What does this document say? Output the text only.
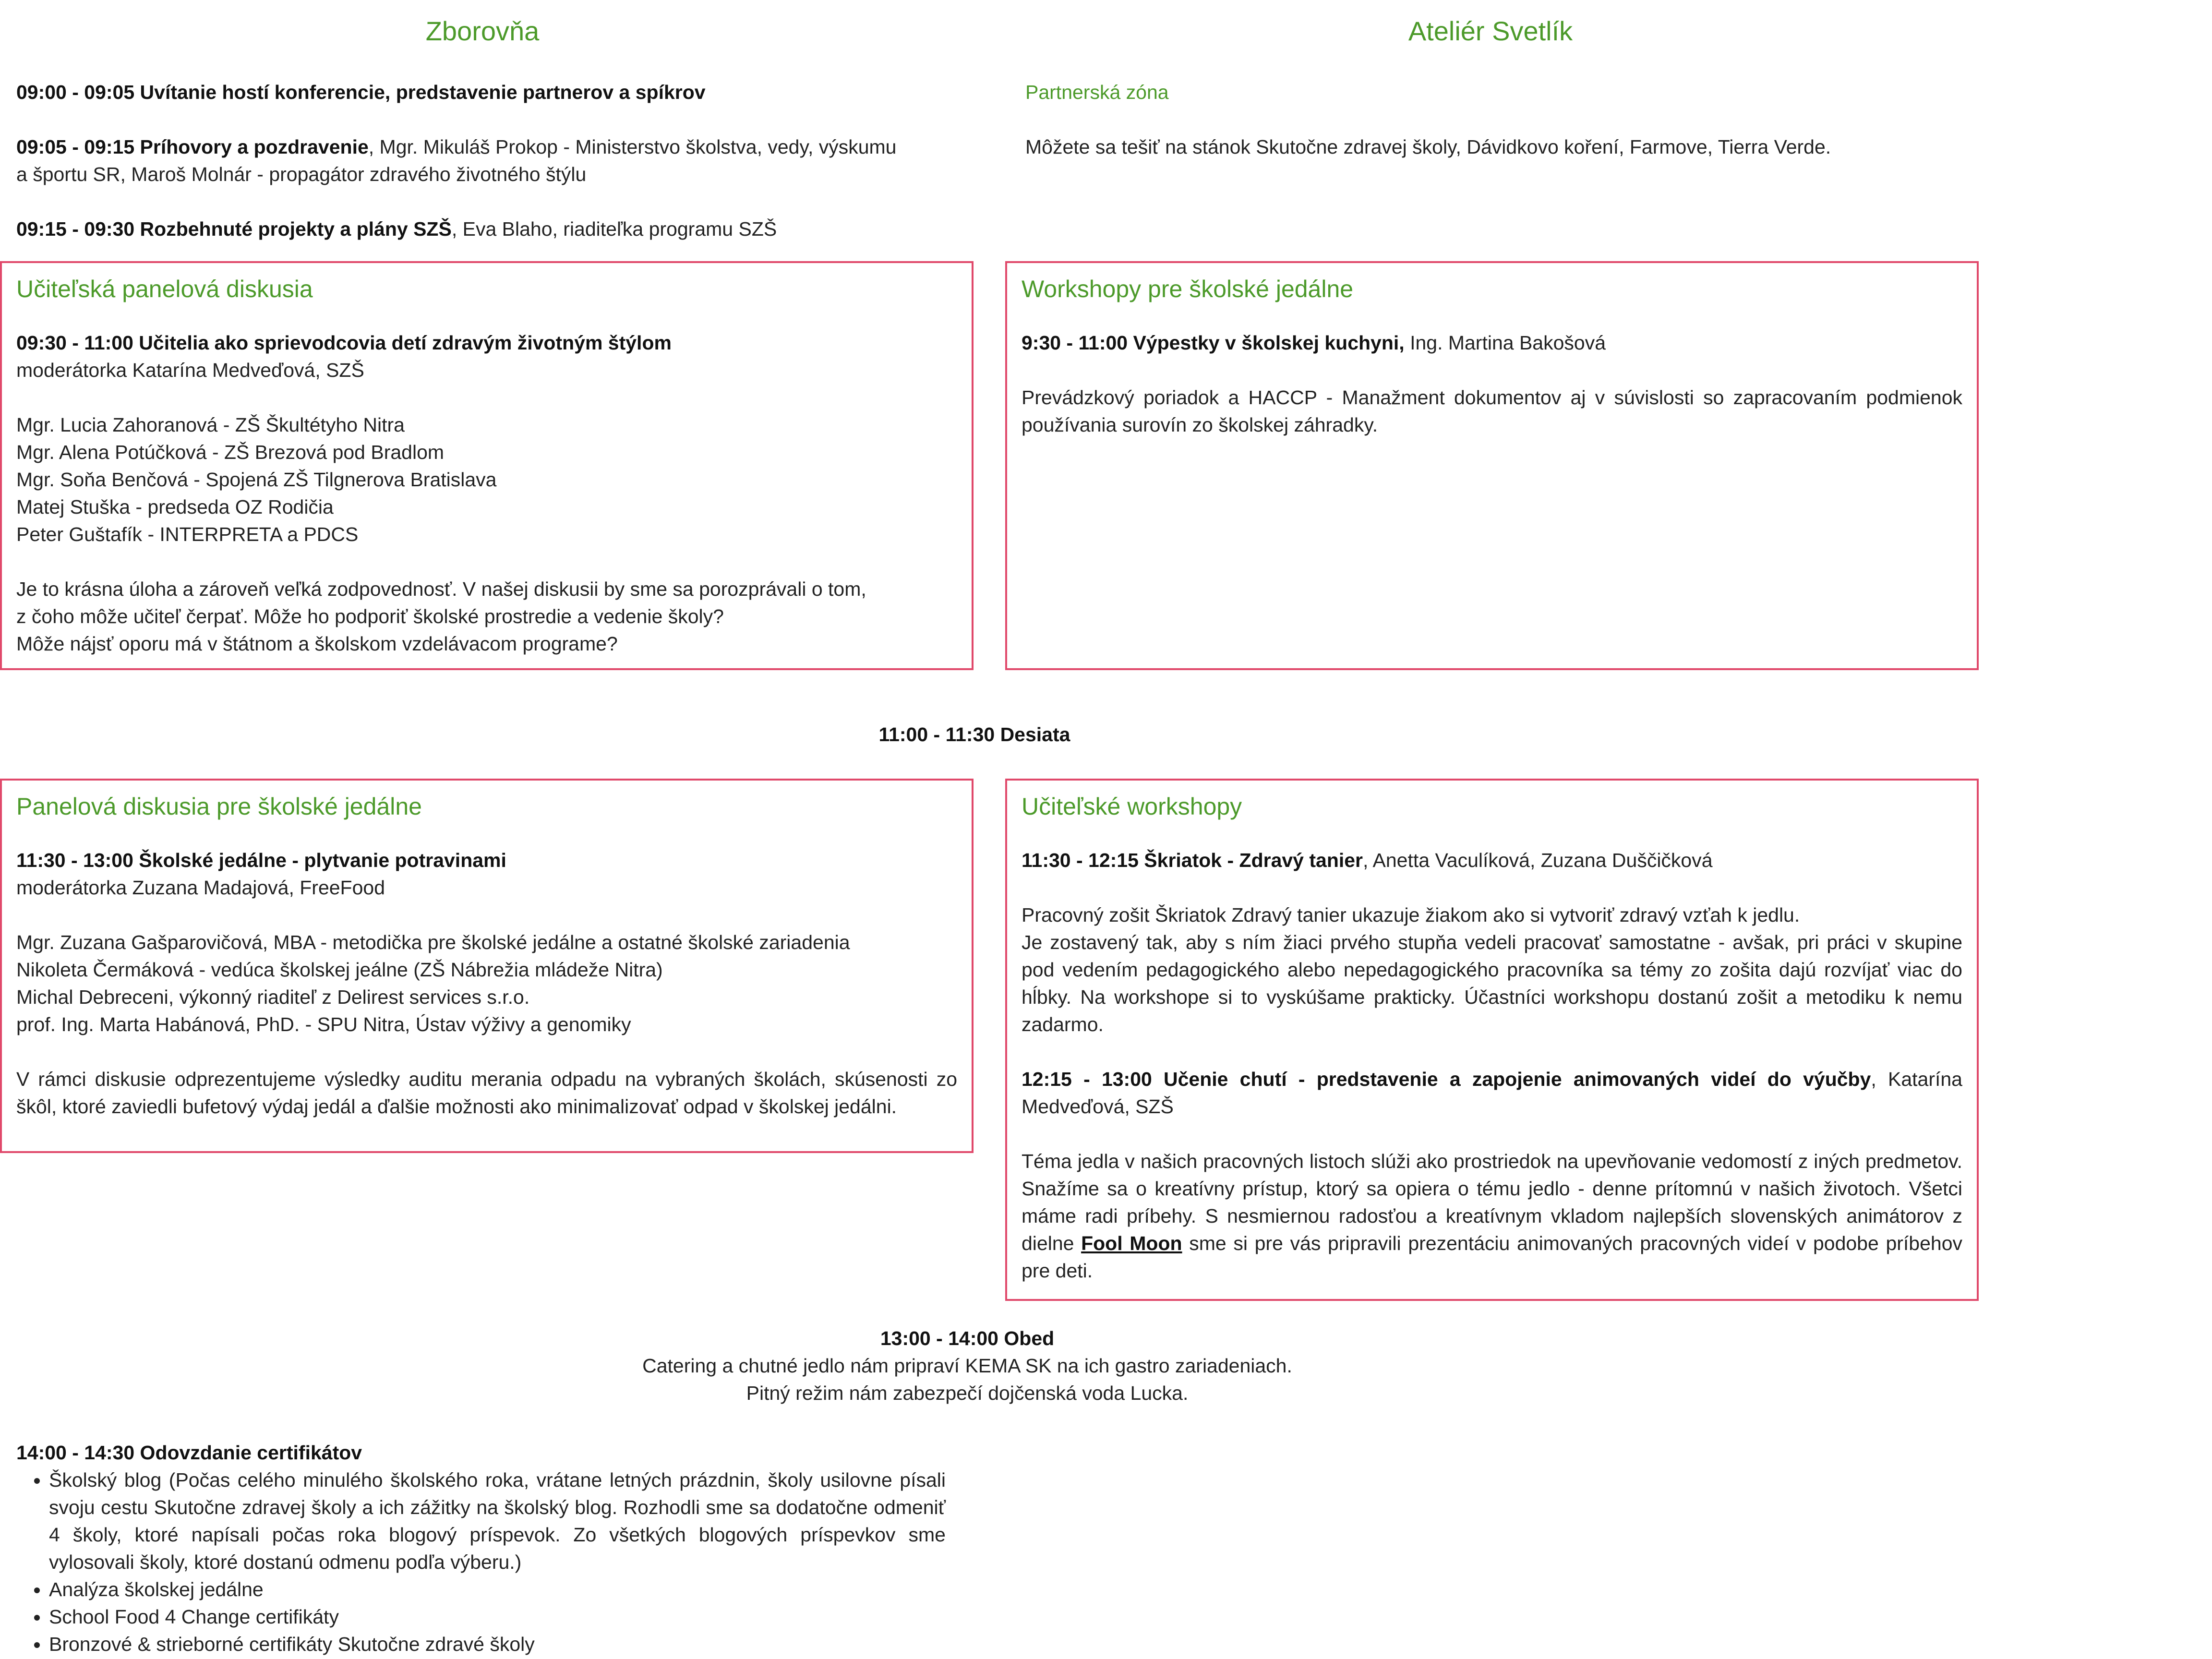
Zborovňa	Ateliér Svetlík

09:00 - 09:05 Uvítanie hostí konferencie, predstavenie partnerov a spíkrov

09:05 - 09:15 Príhovory a pozdravenie, Mgr. Mikuláš Prokop - Ministerstvo školstva, vedy, výskumu

a športu SR, Maroš Molnár - propagátor zdravého životného štýlu

09:15 - 09:30 Rozbehnuté projekty a plány SZŠ, Eva Blaho, riaditeľka programu SZŠ

Partnerská zóna

Môžete sa tešiť na stánok Skutočne zdravej školy, Dávidkovo koření, Farmove, Tierra Verde.

Učiteľská panelová diskusia

09:30 - 11:00 Učitelia ako sprievodcovia detí zdravým životným štýlom

moderátorka Katarína Medveďová, SZŠ

Mgr. Lucia Zahoranová - ZŠ Škultétyho Nitra

Mgr. Alena Potúčková - ZŠ Brezová pod Bradlom

Mgr. Soňa Benčová - Spojená ZŠ Tilgnerova Bratislava

Matej Stuška - predseda OZ Rodičia

Peter Guštafík - INTERPRETA a PDCS

Je to krásna úloha a zároveň veľká zodpovednosť. V našej diskusii by sme sa porozprávali o tom,

z čoho môže učiteľ čerpať. Môže ho podporiť školské prostredie a vedenie školy?

Môže nájsť oporu má v štátnom a školskom vzdelávacom programe?

Workshopy pre školské jedálne

9:30 - 11:00 Výpestky v školskej kuchyni, Ing. Martina Bakošová

Prevádzkový poriadok a HACCP - Manažment dokumentov aj v súvislosti so zapracovaním podmienok používania surovín zo školskej záhradky.

11:00 - 11:30 Desiata

Panelová diskusia pre školské jedálne

11:30 - 13:00 Školské jedálne - plytvanie potravinami

moderátorka Zuzana Madajová, FreeFood

Mgr. Zuzana Gašparovičová, MBA - metodička pre školské jedálne a ostatné školské zariadenia

Nikoleta Čermáková - vedúca školskej jeálne (ZŠ Nábrežia mládeže Nitra)

Michal Debreceni, výkonný riaditeľ z Delirest services s.r.o.

prof. Ing. Marta Habánová, PhD. - SPU Nitra, Ústav výživy a genomiky

V rámci diskusie odprezentujeme výsledky auditu merania odpadu na vybraných školách, skúsenosti zo škôl, ktoré zaviedli bufetový výdaj jedál a ďalšie možnosti ako minimalizovať odpad v školskej jedálni.

Učiteľské workshopy

11:30 - 12:15 Škriatok - Zdravý tanier, Anetta Vaculíková, Zuzana Duščičková

Pracovný zošit Škriatok Zdravý tanier ukazuje žiakom ako si vytvoriť zdravý vzťah k jedlu.

Je zostavený tak, aby s ním žiaci prvého stupňa vedeli pracovať samostatne - avšak, pri práci v skupine pod vedením pedagogického alebo nepedagogického pracovníka sa témy zo zošita dajú rozvíjať viac do hĺbky. Na workshope si to vyskúšame prakticky. Účastníci workshopu dostanú zošit a metodiku k nemu zadarmo.

12:15 - 13:00 Učenie chutí - predstavenie a zapojenie animovaných videí do výučby, Katarína Medveďová, SZŠ

Téma jedla v našich pracovných listoch slúži ako prostriedok na upevňovanie vedomostí z iných predmetov. Snažíme sa o kreatívny prístup, ktorý sa opiera o tému jedlo - denne prítomnú v našich životoch. Všetci máme radi príbehy. S nesmiernou radosťou a kreatívnym vkladom najlepších slovenských animátorov z dielne Fool Moon sme si pre vás pripravili prezentáciu animovaných pracovných videí v podobe príbehov pre deti.

13:00 - 14:00 Obed

Catering a chutné jedlo nám pripraví KEMA SK na ich gastro zariadeniach.

Pitný režim nám zabezpečí dojčenská voda Lucka.

14:00 - 14:30 Odovzdanie certifikátov

• Školský blog (Počas celého minulého školského roka, vrátane letných prázdnin, školy usilovne písali svoju cestu Skutočne zdravej školy a ich zážitky na školský blog. Rozhodli sme sa dodatočne odmeniť 4 školy, ktoré napísali počas roka blogový príspevok. Zo všetkých blogových príspevkov sme vylosovali školy, ktoré dostanú odmenu podľa výberu.)
• Analýza školskej jedálne
• School Food 4 Change certifikáty
• Bronzové & strieborné certifikáty Skutočne zdravé školy
